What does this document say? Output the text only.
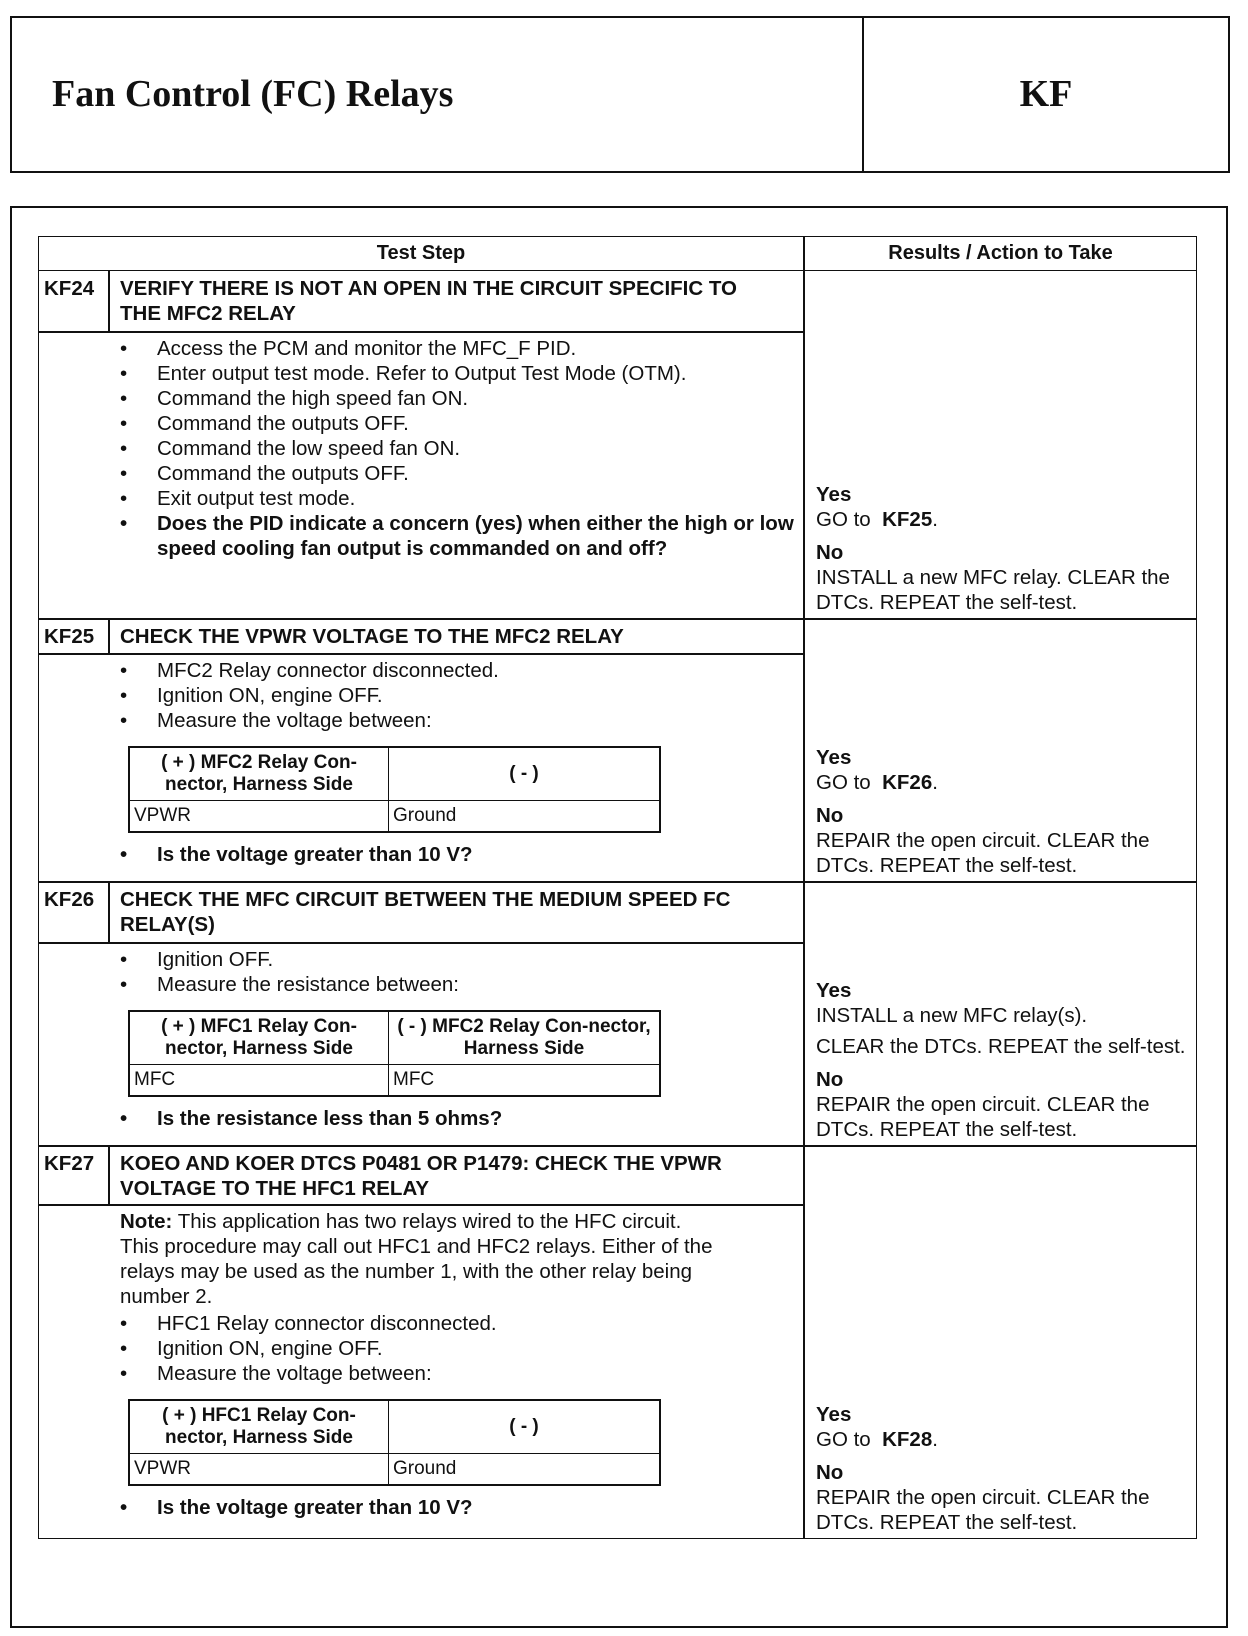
Fan Control (FC) Relays	KF
Test Step	Results / Action to Take
KF24 VERIFY THERE IS NOT AN OPEN IN THE CIRCUIT SPECIFIC TO THE MFC2 RELAY
• Access the PCM and monitor the MFC_F PID.
• Enter output test mode. Refer to Output Test Mode (OTM).
• Command the high speed fan ON.
• Command the outputs OFF.
• Command the low speed fan ON.
• Command the outputs OFF.
• Exit output test mode.
• Does the PID indicate a concern (yes) when either the high or low speed cooling fan output is commanded on and off?
Yes
GO to KF25.
No
INSTALL a new MFC relay. CLEAR the DTCs. REPEAT the self-test.
KF25 CHECK THE VPWR VOLTAGE TO THE MFC2 RELAY
• MFC2 Relay connector disconnected.
• Ignition ON, engine OFF.
• Measure the voltage between:
( + ) MFC2 Relay Con-nector, Harness Side	( - )
VPWR	Ground
• Is the voltage greater than 10 V?
Yes
GO to KF26.
No
REPAIR the open circuit. CLEAR the DTCs. REPEAT the self-test.
KF26 CHECK THE MFC CIRCUIT BETWEEN THE MEDIUM SPEED FC RELAY(S)
• Ignition OFF.
• Measure the resistance between:
( + ) MFC1 Relay Con-nector, Harness Side	( - ) MFC2 Relay Con-nector, Harness Side
MFC	MFC
• Is the resistance less than 5 ohms?
Yes
INSTALL a new MFC relay(s).
CLEAR the DTCs. REPEAT the self-test.
No
REPAIR the open circuit. CLEAR the DTCs. REPEAT the self-test.
KF27 KOEO AND KOER DTCS P0481 OR P1479: CHECK THE VPWR VOLTAGE TO THE HFC1 RELAY
Note: This application has two relays wired to the HFC circuit. This procedure may call out HFC1 and HFC2 relays. Either of the relays may be used as the number 1, with the other relay being number 2.
• HFC1 Relay connector disconnected.
• Ignition ON, engine OFF.
• Measure the voltage between:
( + ) HFC1 Relay Con-nector, Harness Side	( - )
VPWR	Ground
• Is the voltage greater than 10 V?
Yes
GO to KF28.
No
REPAIR the open circuit. CLEAR the DTCs. REPEAT the self-test.
